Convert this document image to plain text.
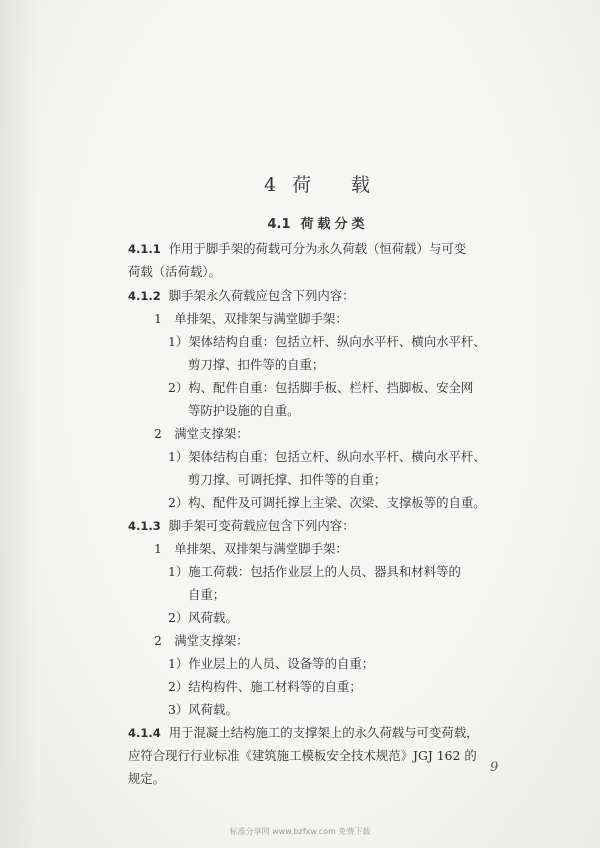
4 荷 载
4.1 荷载分类
4.1.1 作用于脚手架的荷载可分为永久荷载（恒荷载）与可变
荷载（活荷载）。
4.1.2 脚手架永久荷载应包含下列内容：
1　单排架、双排架与满堂脚手架：
1）架体结构自重：包括立杆、纵向水平杆、横向水平杆、
剪刀撑、扣件等的自重；
2）构、配件自重：包括脚手板、栏杆、挡脚板、安全网
等防护设施的自重。
2　满堂支撑架：
1）架体结构自重：包括立杆、纵向水平杆、横向水平杆、
剪刀撑、可调托撑、扣件等的自重；
2）构、配件及可调托撑上主梁、次梁、支撑板等的自重。
4.1.3 脚手架可变荷载应包含下列内容：
1　单排架、双排架与满堂脚手架：
1）施工荷载：包括作业层上的人员、器具和材料等的
自重；
2）风荷载。
2　满堂支撑架：
1）作业层上的人员、设备等的自重；
2）结构构件、施工材料等的自重；
3）风荷载。
4.1.4 用于混凝土结构施工的支撑架上的永久荷载与可变荷载，
应符合现行行业标准《建筑施工模板安全技术规范》JGJ 162 的
规定。
9
标准分享网 www.bzfxw.com 免费下载
